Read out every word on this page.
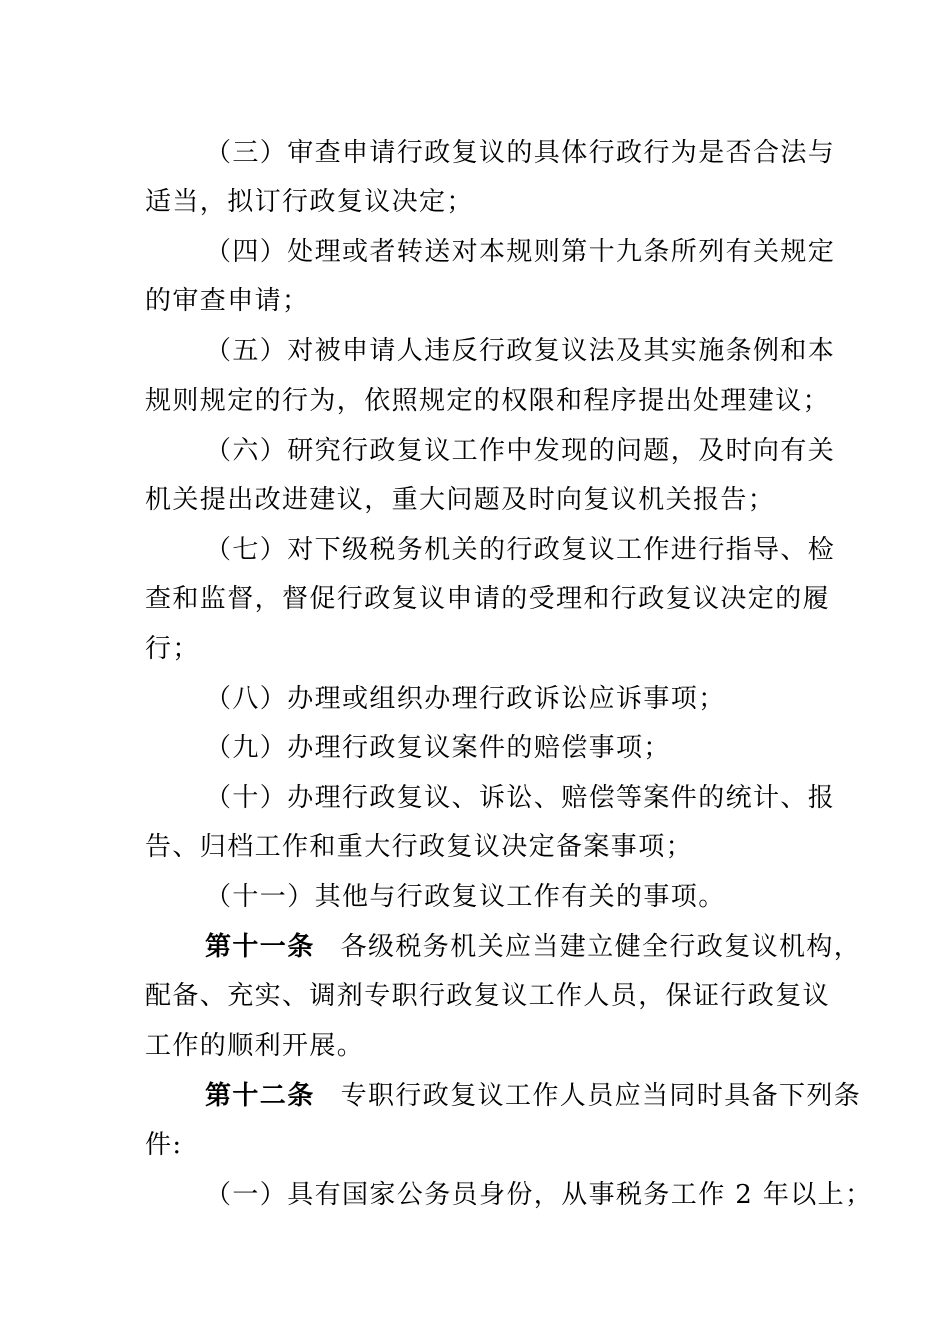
（三）审查申请行政复议的具体行政行为是否合法与
适当，拟订行政复议决定；
（四）处理或者转送对本规则第十九条所列有关规定
的审查申请；
（五）对被申请人违反行政复议法及其实施条例和本
规则规定的行为，依照规定的权限和程序提出处理建议；
（六）研究行政复议工作中发现的问题，及时向有关
机关提出改进建议，重大问题及时向复议机关报告；
（七）对下级税务机关的行政复议工作进行指导、检
查和监督，督促行政复议申请的受理和行政复议决定的履
行；
（八）办理或组织办理行政诉讼应诉事项；
（九）办理行政复议案件的赔偿事项；
（十）办理行政复议、诉讼、赔偿等案件的统计、报
告、归档工作和重大行政复议决定备案事项；
（十一）其他与行政复议工作有关的事项。
第十一条 各级税务机关应当建立健全行政复议机构，
配备、充实、调剂专职行政复议工作人员，保证行政复议
工作的顺利开展。
第十二条 专职行政复议工作人员应当同时具备下列条
件:
（一）具有国家公务员身份，从事税务工作 2 年以上；
